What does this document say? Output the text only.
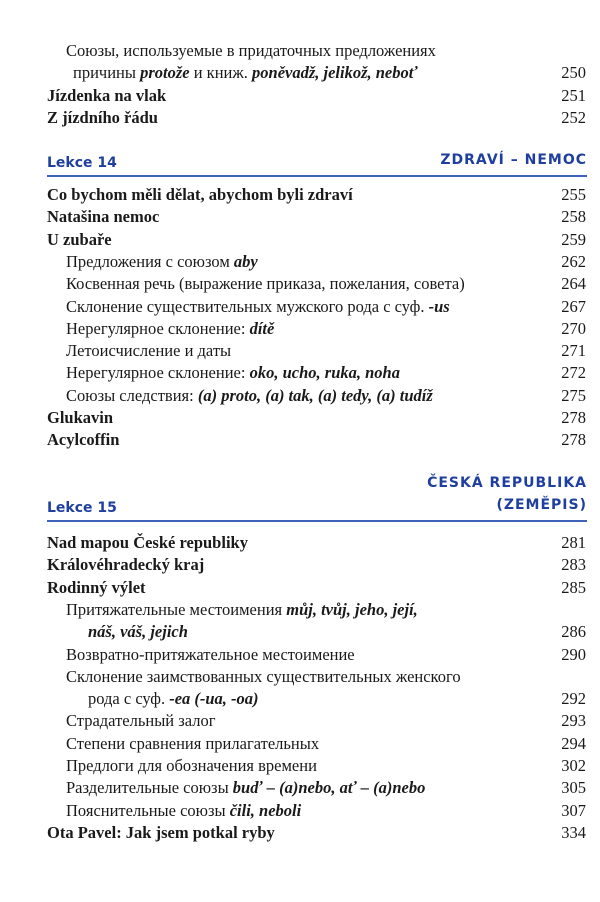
Союзы, используемые в придаточных предложениях
причины protože и книж. poněvadž, jelikož, neboť	250
Jízdenka na vlak	251
Z jízdního řádu	252
Lekce 14	ZDRAVÍ – NEMOC
Co bychom měli dělat, abychom byli zdraví	255
Natašina nemoc	258
U zubaře	259
Предложения с союзом aby	262
Косвенная речь (выражение приказа, пожелания, совета)	264
Склонение существительных мужского рода с суф. -us	267
Нерегулярное склонение: dítě	270
Летоисчисление и даты	271
Нерегулярное склонение: oko, ucho, ruka, noha	272
Союзы следствия: (a) proto, (a) tak, (a) tedy, (a) tudíž	275
Glukavin	278
Acylcoffin	278
Lekce 15
ČESKÁ REPUBLIKA
(ZEMĚPIS)
Nad mapou České republiky	281
Královéhradecký kraj	283
Rodinný výlet	285
Притяжательные местоимения můj, tvůj, jeho, její,
náš, váš, jejich	286
Возвратно-притяжательное местоимение	290
Склонение заимствованных существительных женского
рода с суф. -ea (-ua, -oa)	292
Страдательный залог	293
Степени сравнения прилагательных	294
Предлоги для обозначения времени	302
Разделительные союзы buď – (a)nebo, ať – (a)nebo	305
Пояснительные союзы čili, neboli	307
Ota Pavel: Jak jsem potkal ryby	334
